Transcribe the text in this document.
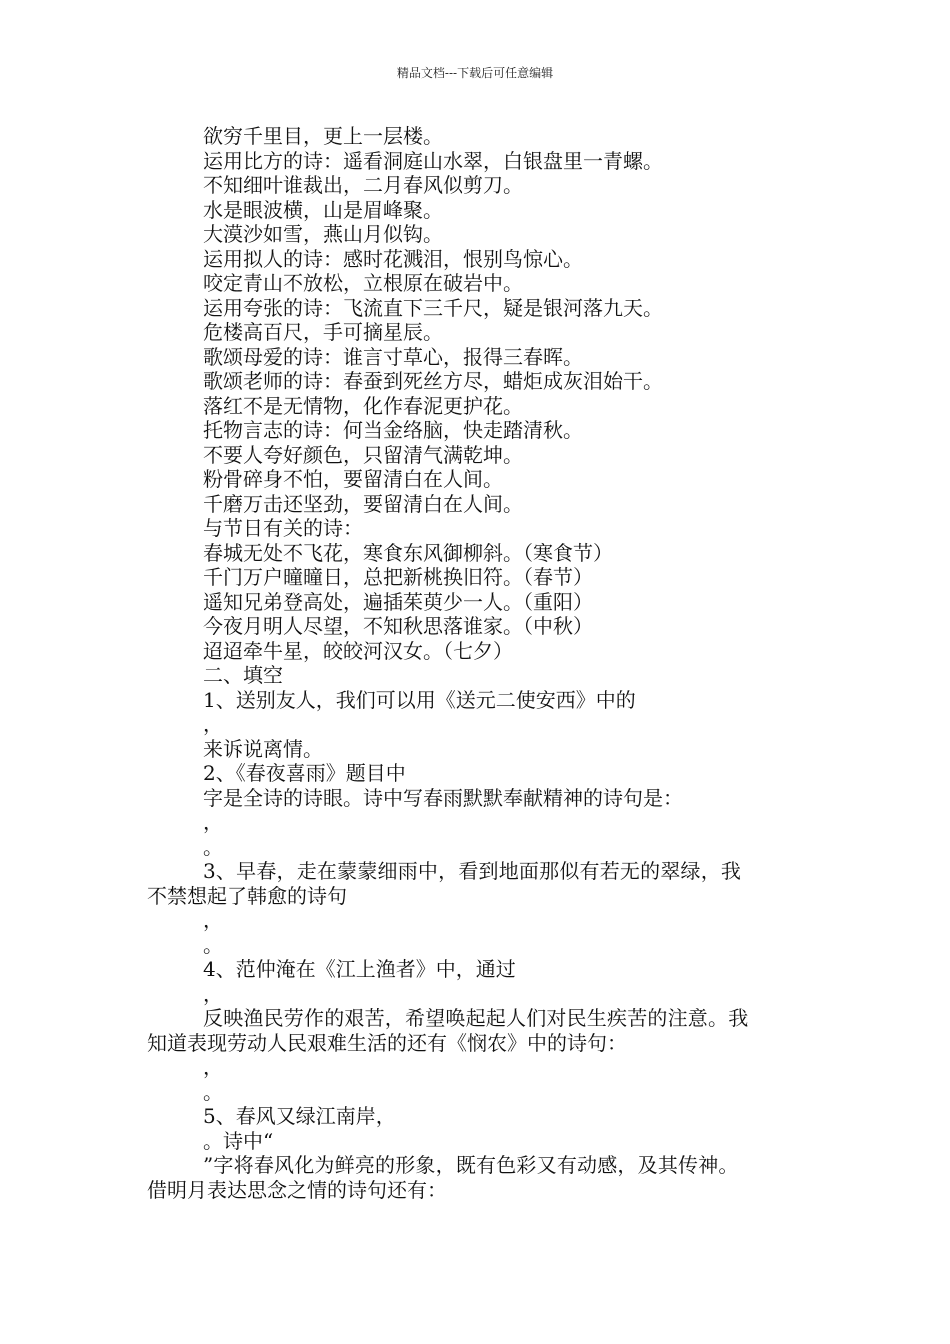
精品文档---下载后可任意编辑
欲穷千里目，更上一层楼。
运用比方的诗：遥看洞庭山水翠，白银盘里一青螺。
不知细叶谁裁出，二月春风似剪刀。
水是眼波横，山是眉峰聚。
大漠沙如雪，燕山月似钩。
运用拟人的诗：感时花溅泪，恨别鸟惊心。
咬定青山不放松，立根原在破岩中。
运用夸张的诗：飞流直下三千尺，疑是银河落九天。
危楼高百尺，手可摘星辰。
歌颂母爱的诗：谁言寸草心，报得三春晖。
歌颂老师的诗：春蚕到死丝方尽，蜡炬成灰泪始干。
落红不是无情物，化作春泥更护花。
托物言志的诗：何当金络脑，快走踏清秋。
不要人夸好颜色，只留清气满乾坤。
粉骨碎身不怕，要留清白在人间。
千磨万击还坚劲，要留清白在人间。
与节日有关的诗：
春城无处不飞花，寒食东风御柳斜。（寒食节）
千门万户曈曈日，总把新桃换旧符。（春节）
遥知兄弟登高处，遍插茱萸少一人。（重阳）
今夜月明人尽望，不知秋思落谁家。（中秋）
迢迢牵牛星，皎皎河汉女。（七夕）
二、填空
1、送别友人，我们可以用《送元二使安西》中的
，
来诉说离情。
2、《春夜喜雨》题目中
字是全诗的诗眼。诗中写春雨默默奉献精神的诗句是：
，
。
3、早春，走在蒙蒙细雨中，看到地面那似有若无的翠绿，我
不禁想起了韩愈的诗句
，
。
4、范仲淹在《江上渔者》中，通过
，
反映渔民劳作的艰苦，希望唤起起人们对民生疾苦的注意。我
知道表现劳动人民艰难生活的还有《悯农》中的诗句：
，
。
5、春风又绿江南岸，
。诗中“
”字将春风化为鲜亮的形象，既有色彩又有动感，及其传神。
借明月表达思念之情的诗句还有：
